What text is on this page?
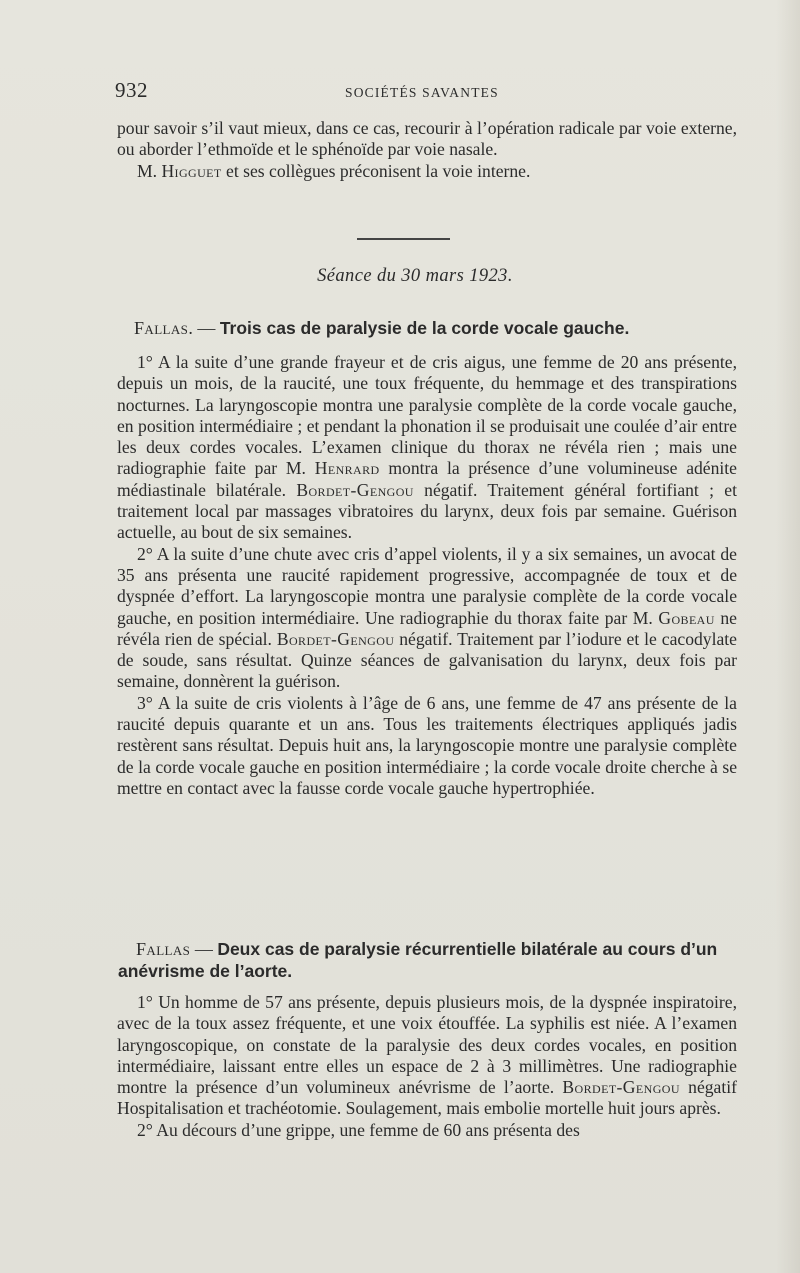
932	SOCIÉTÉS SAVANTES

pour savoir s’il vaut mieux, dans ce cas, recourir à l’opération radicale par voie externe, ou aborder l’ethmoïde et le sphénoïde par voie nasale.

M. Higguet et ses collègues préconisent la voie interne.

Séance du 30 mars 1923.
Fallas. — Trois cas de paralysie de la corde vocale gauche.

1° A la suite d’une grande frayeur et de cris aigus, une femme de 20 ans présente, depuis un mois, de la raucité, une toux fréquente, du hemmage et des transpirations nocturnes. La laryngoscopie montra une paralysie complète de la corde vocale gauche, en position intermédiaire ; et pendant la phonation il se produisait une coulée d’air entre les deux cordes vocales. L’examen clinique du thorax ne révéla rien ; mais une radiographie faite par M. Henrard montra la présence d’une volumineuse adénite médiastinale bilatérale. Bordet-Gengou négatif. Traitement général fortifiant ; et traitement local par massages vibratoires du larynx, deux fois par semaine. Guérison actuelle, au bout de six semaines.

2° A la suite d’une chute avec cris d’appel violents, il y a six semaines, un avocat de 35 ans présenta une raucité rapidement progressive, accompagnée de toux et de dyspnée d’effort. La laryngoscopie montra une paralysie complète de la corde vocale gauche, en position intermédiaire. Une radiographie du thorax faite par M. Gobeau ne révéla rien de spécial. Bordet-Gengou négatif. Traitement par l’iodure et le cacodylate de soude, sans résultat. Quinze séances de galvanisation du larynx, deux fois par semaine, donnèrent la guérison.

3° A la suite de cris violents à l’âge de 6 ans, une femme de 47 ans présente de la raucité depuis quarante et un ans. Tous les traitements électriques appliqués jadis restèrent sans résultat. Depuis huit ans, la laryngoscopie montre une paralysie complète de la corde vocale gauche en position intermédiaire ; la corde vocale droite cherche à se mettre en contact avec la fausse corde vocale gauche hypertrophiée.

Fallas — Deux cas de paralysie récurrentielle bilatérale au cours d’un anévrisme de l’aorte.

1° Un homme de 57 ans présente, depuis plusieurs mois, de la dyspnée inspiratoire, avec de la toux assez fréquente, et une voix étouffée. La syphilis est niée. A l’examen laryngoscopique, on constate de la paralysie des deux cordes vocales, en position intermédiaire, laissant entre elles un espace de 2 à 3 millimètres. Une radiographie montre la présence d’un volumineux anévrisme de l’aorte. Bordet-Gengou négatif Hospitalisation et trachéotomie. Soulagement, mais embolie mortelle huit jours après.

2° Au décours d’une grippe, une femme de 60 ans présenta des
